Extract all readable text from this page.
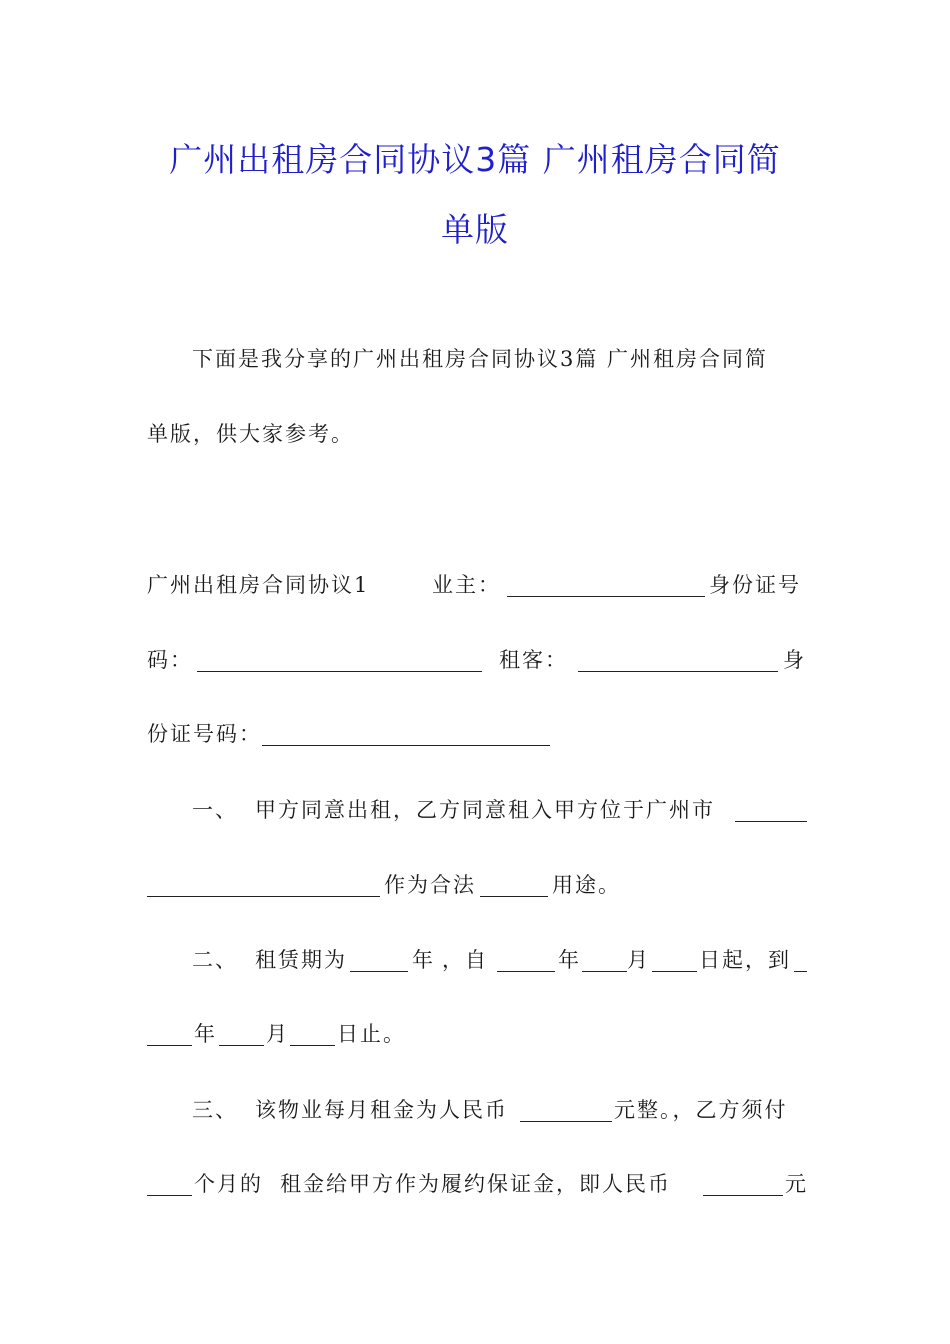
广州出租房合同协议3篇 广州租房合同简
单版
下面是我分享的广州出租房合同协议3篇 广州租房合同简
单版，供大家参考。
广州出租房合同协议1	业主：	身份证号
码：	租客：	身
份证号码：
一、 甲方同意出租，乙方同意租入甲方位于广州市
作为合法	用途。
二、 租赁期为	年 ，自	年 月 日起，到
年 月 日止。
三、 该物业每月租金为人民币	元整。，乙方须付
个月的 租金给甲方作为履约保证金，即人民币	元
